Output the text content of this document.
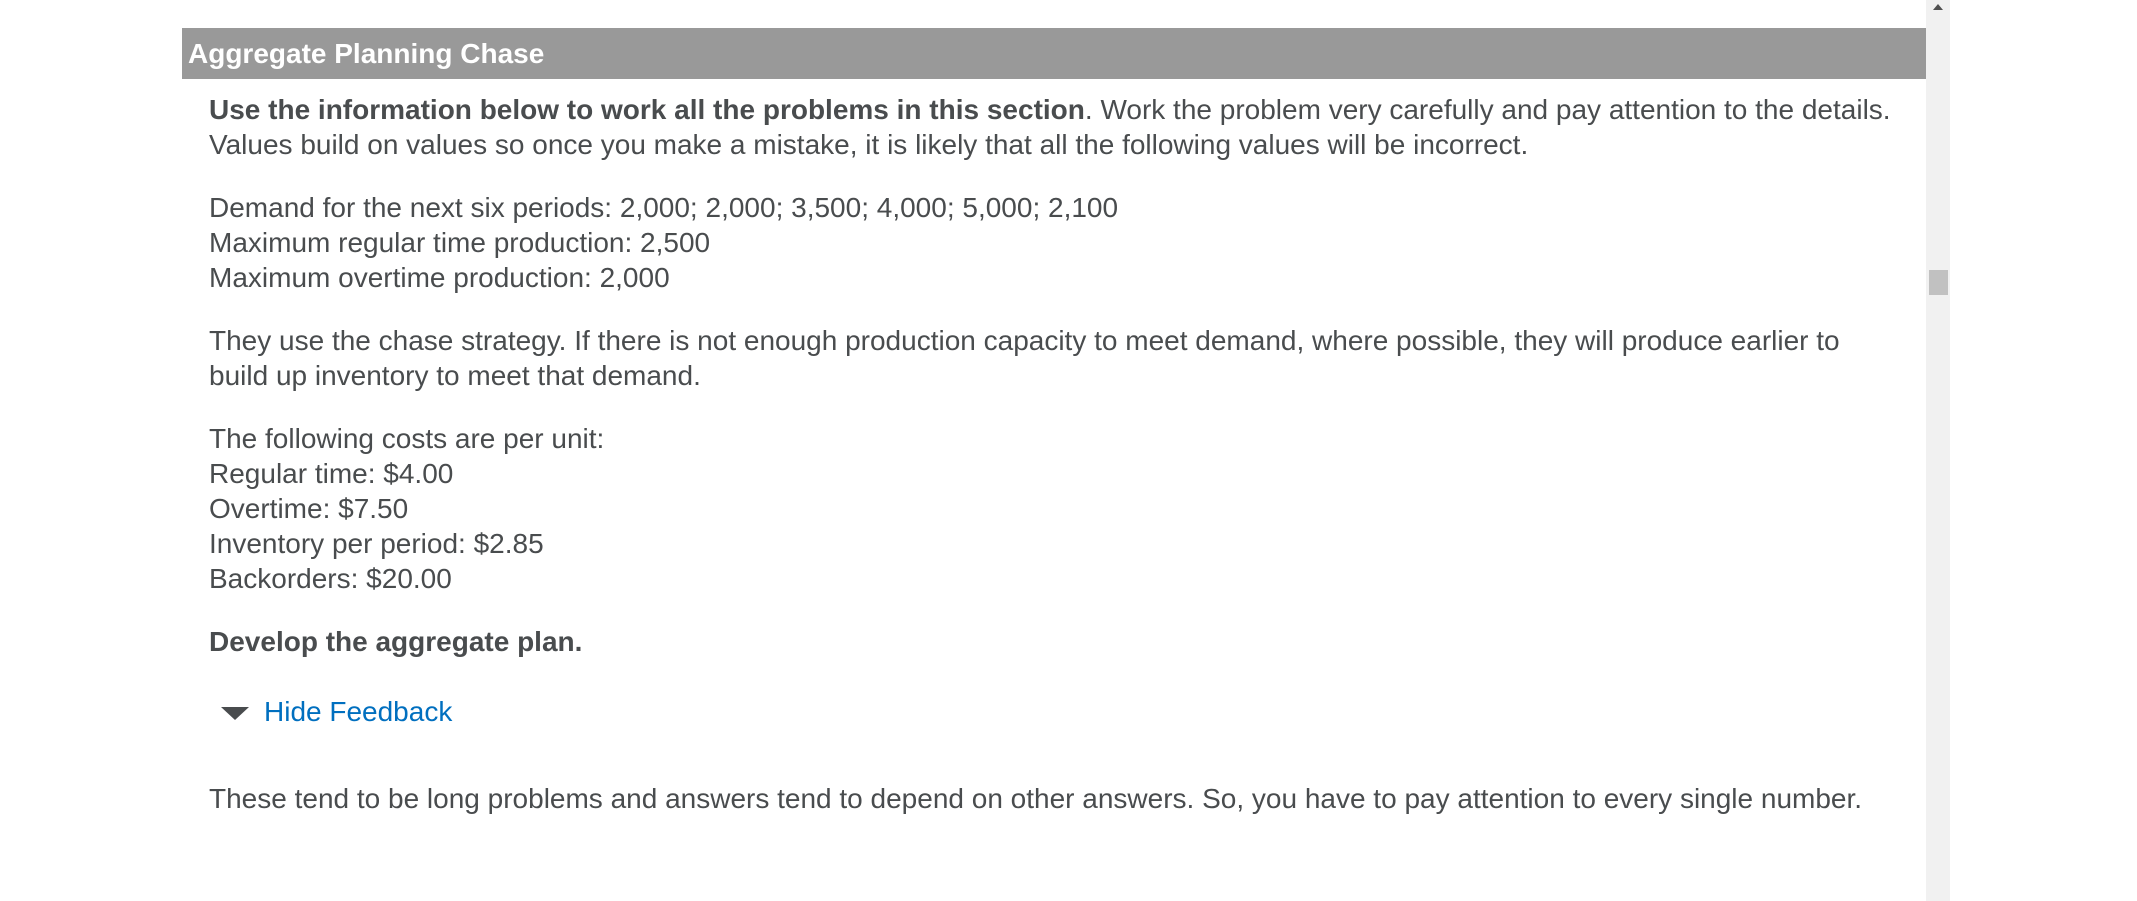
Aggregate Planning Chase

Use the information below to work all the problems in this section. Work the problem very carefully and pay attention to the details.
Values build on values so once you make a mistake, it is likely that all the following values will be incorrect.

Demand for the next six periods: 2,000; 2,000; 3,500; 4,000; 5,000; 2,100
Maximum regular time production: 2,500
Maximum overtime production: 2,000

They use the chase strategy. If there is not enough production capacity to meet demand, where possible, they will produce earlier to
build up inventory to meet that demand.

The following costs are per unit:
Regular time: $4.00
Overtime: $7.50
Inventory per period: $2.85
Backorders: $20.00

Develop the aggregate plan.

Hide Feedback

These tend to be long problems and answers tend to depend on other answers. So, you have to pay attention to every single number.
